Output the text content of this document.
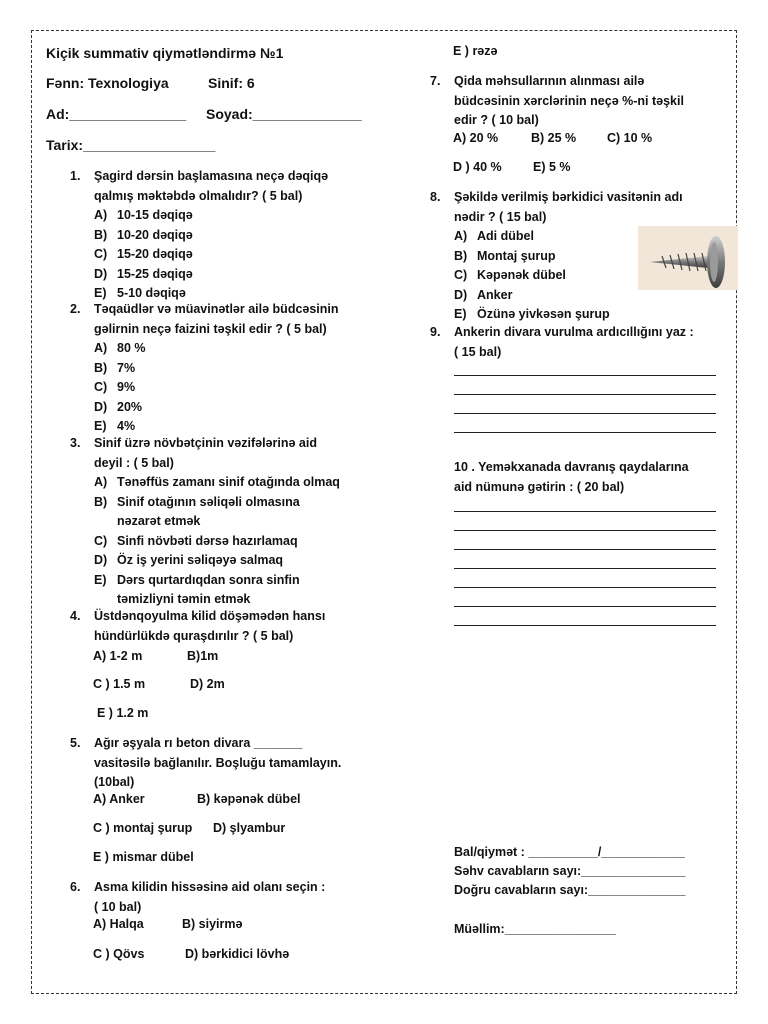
Kiçik summativ qiymətləndirmə №1
Fənn: Texnologiya	Sinif: 6
Ad:_______________ Soyad:______________
Tarix:_________________
1. Şagird dərsin başlamasına neçə dəqiqə
qalmış məktəbdə olmalıdır? ( 5 bal)
A) 10-15 dəqiqə
B) 10-20 dəqiqə
C) 15-20 dəqiqə
D) 15-25 dəqiqə
E) 5-10 dəqiqə
2. Təqaüdlər və müavinətlər ailə büdcəsinin
gəlirnin neçə faizini təşkil edir ? ( 5 bal)
A) 80 %
B) 7%
C) 9%
D) 20%
E) 4%
3. Sinif üzrə növbətçinin vəzifələrinə aid
deyil : ( 5 bal)
A) Tənəffüs zamanı sinif otağında olmaq
B) Sinif otağının səliqəli olmasına
nəzarət etmək
C) Sinfi növbəti dərsə hazırlamaq
D) Öz iş yerini səliqəyə salmaq
E) Dərs qurtardıqdan sonra sinfin
təmizliyni təmin etmək
4. Üstdənqoyulma kilid döşəmədən hansı
hündürlükdə quraşdırılır ? ( 5 bal)
A) 1-2 m	B)1m
C ) 1.5 m	D) 2m
E ) 1.2 m
5. Ağır əşyala rı beton divara _______
vasitəsilə bağlanılır. Boşluğu tamamlayın.
(10bal)
A) Anker	B) kəpənək dübel
C ) montaj şurup D) şlyambur
E ) mismar dübel
6. Asma kilidin hissəsinə aid olanı seçin :
( 10 bal)
A) Halqa	B) siyirmə
C ) Qövs	D) bərkidici lövhə
E ) rəzə
7. Qida məhsullarının alınması ailə
büdcəsinin xərclərinin neçə %-ni təşkil
edir ? ( 10 bal)
A) 20 %	B) 25 % C) 10 %
D ) 40 %	E) 5 %
8. Şəkildə verilmiş bərkidici vasitənin adı
nədir ? ( 15 bal)
A) Adi dübel
B) Montaj şurup
C) Kəpənək dübel
D) Anker
E) Özünə yivkəsən şurup
9. Ankerin divara vurulma ardıcıllığını yaz :
( 15 bal)
10 . Yeməkxanada davranış qaydalarına
aid nümunə gətirin : ( 20 bal)
Bal/qiymət : __________/____________
Səhv cavabların sayı:_______________
Doğru cavabların sayı:______________
Müəllim:________________
